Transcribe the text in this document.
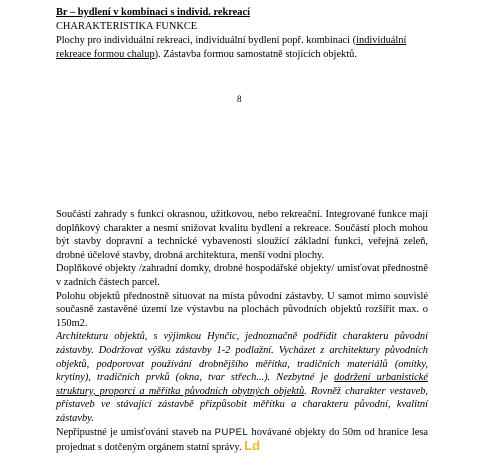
Br – bydlení v kombinaci s individ. rekreací
CHARAKTERISTIKA FUNKCE
Plochy pro individuální rekreaci, individuální bydlení popř. kombinaci (individuální rekreace formou chalup). Zástavba formou samostatně stojících objektů.
8

Součástí zahrady s funkcí okrasnou, užitkovou, nebo rekreační. Integrované funkce mají doplňkový charakter a nesmí snižovat kvalitu bydlení a rekreace. Součástí ploch mohou být stavby dopravní a technické vybavenosti sloužící základní funkci, veřejná zeleň, drobné účelové stavby, drobná architektura, menší vodní plochy.

Doplňkové objekty /zahradní domky, drobné hospodářské objekty/ umisťovat přednostně v zadních částech parcel.

Polohu objektů přednostně situovat na místa původní zástavby. U samot mimo souvislé současně zastavěné území lze výstavbu na plochách původních objektů rozšířit max. o 150m2.

Architekturu objektů, s výjimkou Hynčic, jednoznačně podřídit charakteru původní zástavby. Dodržovat výšku zástavby 1-2 podlažní. Vycházet z architektury původních objektů, podporovat používání drobnějšího měřítka, tradičních materiálů (omítky, krytiny), tradičních prvků (okna, tvar střech...). Nezbytné je dodržení urbanistické struktury, proporcí a měřítka původních obytných objektů. Rovněž charakter vestaveb, přístaveb ve stávající zástavbě přizpůsobit měřítku a charakteru původní, kvalitní zástavby.

Nepřípustné je umisťování staveb na PUPEL hovávané objekty do 50m od hranice lesa projednat s dotčeným orgánem statní správy. Ld
